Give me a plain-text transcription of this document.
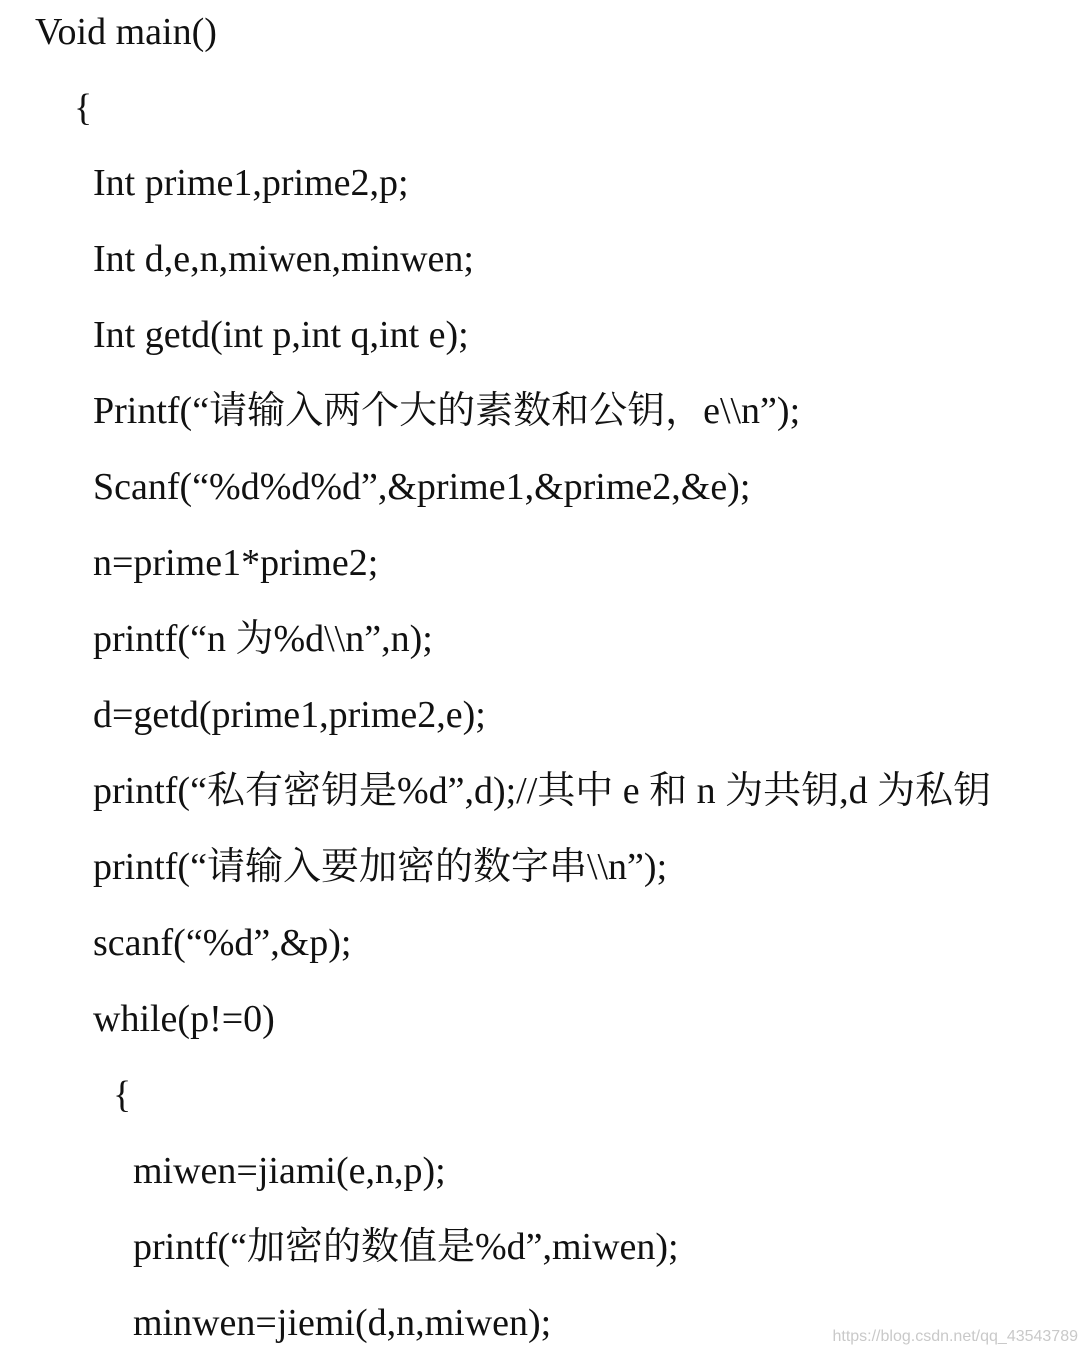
Void main()
{
Int prime1,prime2,p;
Int d,e,n,miwen,minwen;
Int getd(int p,int q,int e);
Printf(“请输入两个大的素数和公钥，e\\n”);
Scanf(“%d%d%d”,&prime1,&prime2,&e);
n=prime1*prime2;
printf(“n 为%d\\n”,n);
d=getd(prime1,prime2,e);
printf(“私有密钥是%d”,d);//其中 e 和 n 为共钥,d 为私钥
printf(“请输入要加密的数字串\\n”);
scanf(“%d”,&p);
while(p!=0)
{
miwen=jiami(e,n,p);
printf(“加密的数值是%d”,miwen);
minwen=jiemi(d,n,miwen);	https://blog.csdn.net/qq_43543789
